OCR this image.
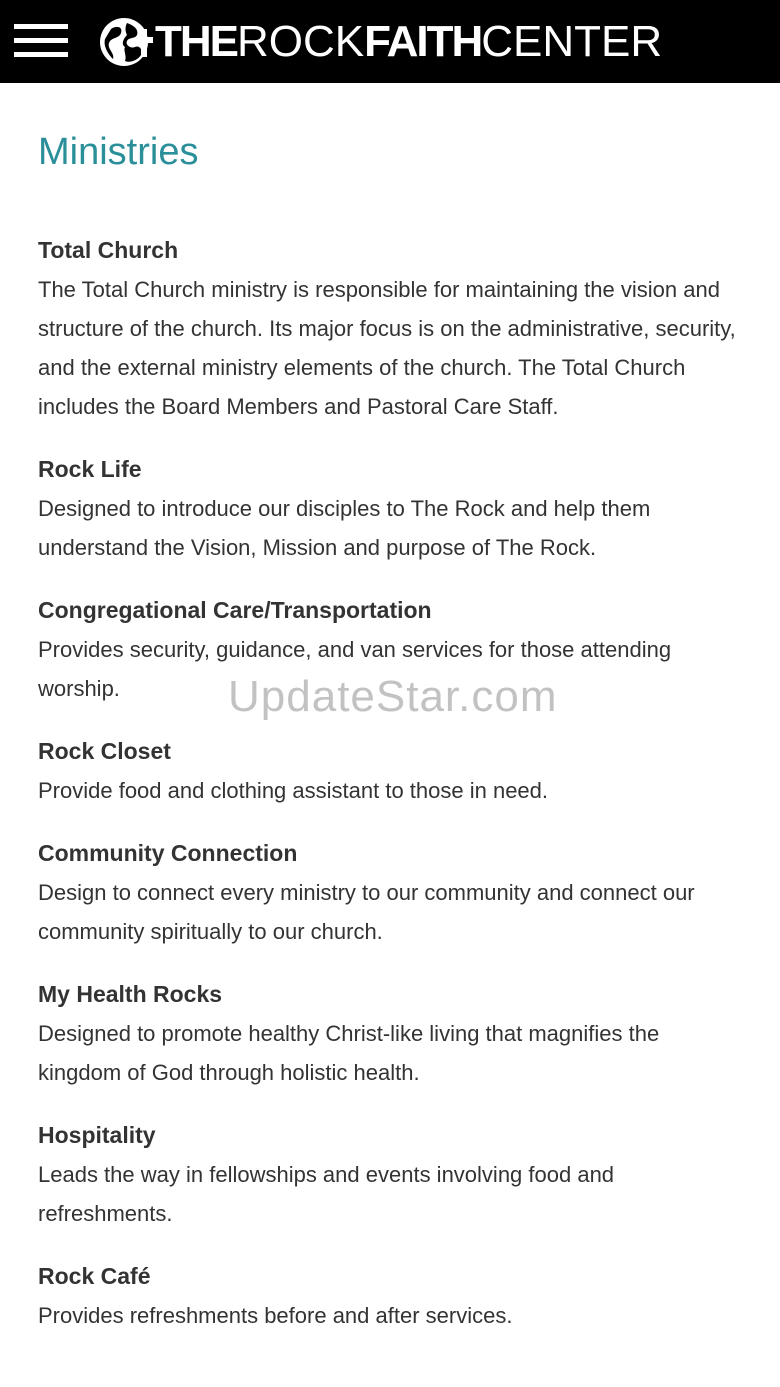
THE ROCK FAITH CENTER
Ministries

Total Church

The Total Church ministry is responsible for maintaining the vision and structure of the church. Its major focus is on the administrative, security, and the external ministry elements of the church. The Total Church includes the Board Members and Pastoral Care Staff.

Rock Life

Designed to introduce our disciples to The Rock and help them understand the Vision, Mission and purpose of The Rock.

Congregational Care/Transportation

Provides security, guidance, and van services for those attending worship.

Rock Closet

Provide food and clothing assistant to those in need.

Community Connection

Design to connect every ministry to our community and connect our community spiritually to our church.

My Health Rocks

Designed to promote healthy Christ-like living that magnifies the kingdom of God through holistic health.

Hospitality

Leads the way in fellowships and events involving food and refreshments.

Rock Café

Provides refreshments before and after services.

UpdateStar.com
